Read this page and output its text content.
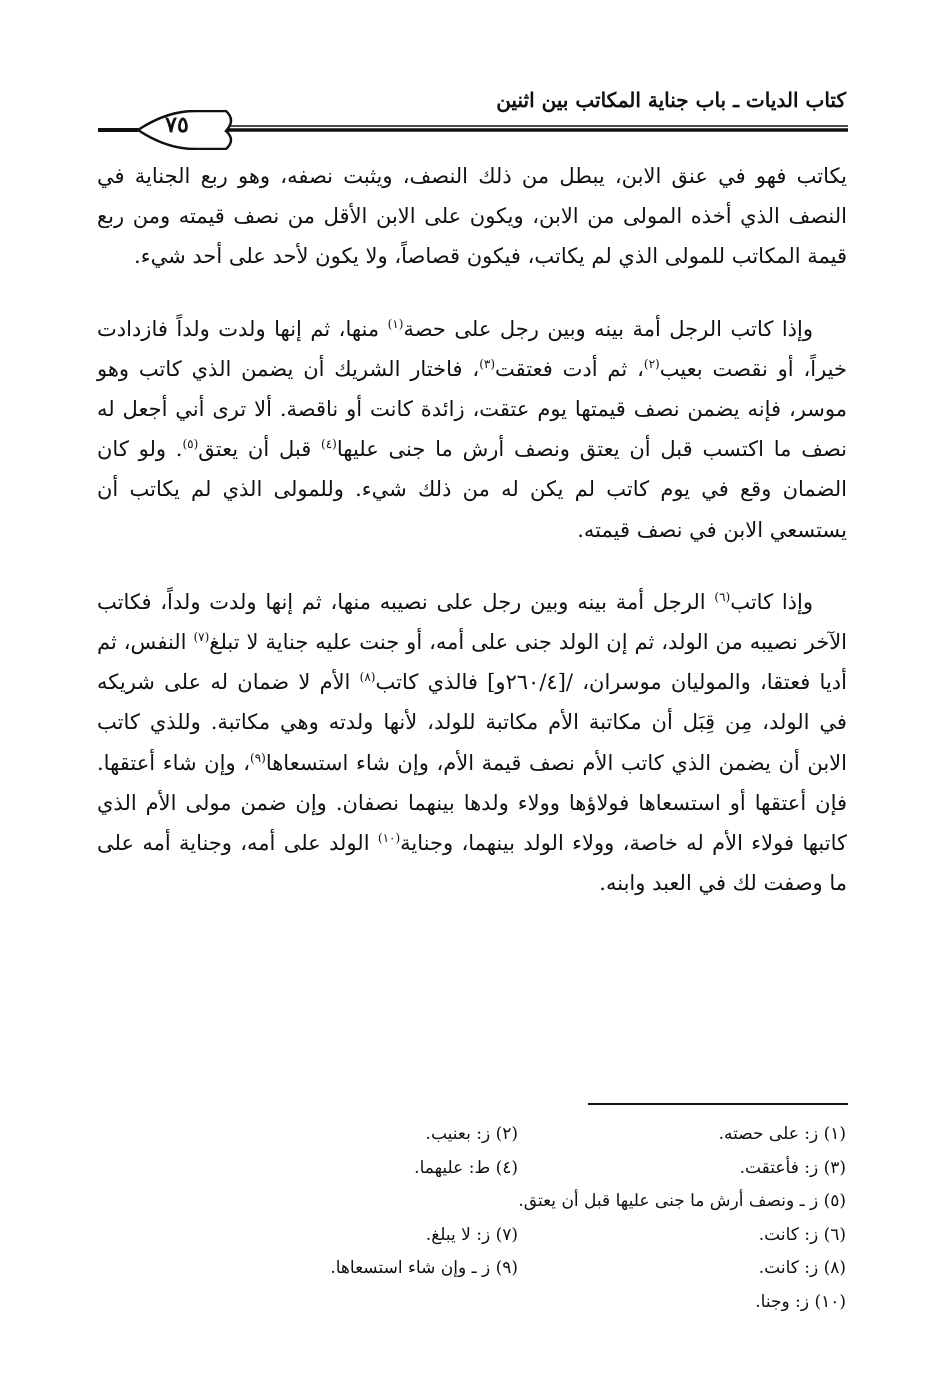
كتاب الديات ـ باب جناية المكاتب بين اثنين
٧٥

يكاتب فهو في عنق الابن، يبطل من ذلك النصف، ويثبت نصفه، وهو ربع الجناية في النصف الذي أخذه المولى من الابن، ويكون على الابن الأقل من نصف قيمته ومن ربع قيمة المكاتب للمولى الذي لم يكاتب، فيكون قصاصاً، ولا يكون لأحد على أحد شيء.

وإذا كاتب الرجل أمة بينه وبين رجل على حصة$^{(١)}$ منها، ثم إنها ولدت ولداً فازدادت خيراً، أو نقصت بعيب$^{(٢)}$، ثم أدت فعتقت$^{(٣)}$، فاختار الشريك أن يضمن الذي كاتب وهو موسر، فإنه يضمن نصف قيمتها يوم عتقت، زائدة كانت أو ناقصة. ألا ترى أني أجعل له نصف ما اكتسب قبل أن يعتق ونصف أرش ما جنى عليها$^{(٤)}$ قبل أن يعتق$^{(٥)}$. ولو كان الضمان وقع في يوم كاتب لم يكن له من ذلك شيء. وللمولى الذي لم يكاتب أن يستسعي الابن في نصف قيمته.

وإذا كاتب$^{(٦)}$ الرجل أمة بينه وبين رجل على نصيبه منها، ثم إنها ولدت ولداً، فكاتب الآخر نصيبه من الولد، ثم إن الولد جنى على أمه، أو جنت عليه جناية لا تبلغ$^{(٧)}$ النفس، ثم أديا فعتقا، والموليان موسران، /[٢٦٠/٤و] فالذي كاتب$^{(٨)}$ الأم لا ضمان له على شريكه في الولد، مِن قِبَل أن مكاتبة الأم مكاتبة للولد، لأنها ولدته وهي مكاتبة. وللذي كاتب الابن أن يضمن الذي كاتب الأم نصف قيمة الأم، وإن شاء استسعاها$^{(٩)}$، وإن شاء أعتقها. فإن أعتقها أو استسعاها فولاؤها وولاء ولدها بينهما نصفان. وإن ضمن مولى الأم الذي كاتبها فولاء الأم له خاصة، وولاء الولد بينهما، وجناية$^{(١٠)}$ الولد على أمه، وجناية أمه على ما وصفت لك في العبد وابنه.

(١) ز: على حصته.
(٢) ز: بعنيب.
(٣) ز: فأعتقت.
(٤) ط: عليهما.
(٥) ز ـ ونصف أرش ما جنى عليها قبل أن يعتق.
(٦) ز: كانت.
(٧) ز: لا يبلغ.
(٨) ز: كانت.
(٩) ز ـ وإن شاء استسعاها.
(١٠) ز: وجنا.
